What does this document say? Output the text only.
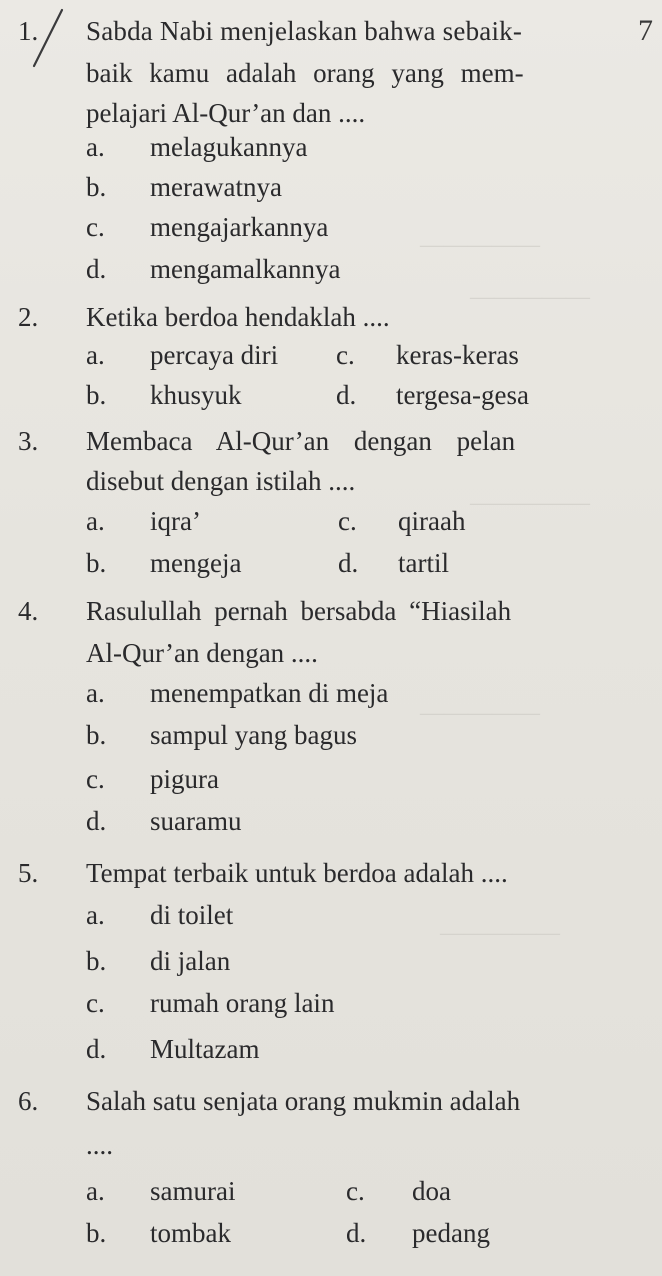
—————
—————
—————
—————
—————
1. Sabda Nabi menjelaskan bahwa sebaik-	7
baik kamu adalah orang yang mem-
pelajari Al-Qur’an dan ....
a. melagukannya
b. merawatnya
c. mengajarkannya
d. mengamalkannya
2. Ketika berdoa hendaklah ....
a. percaya diri c. keras-keras
b. khusyuk	d. tergesa-gesa
3. Membaca Al-Qur’an dengan pelan
disebut dengan istilah ....
a. iqra’	c. qiraah
b. mengeja	d. tartil
4. Rasulullah pernah bersabda “Hiasilah
Al-Qur’an dengan ....
a. menempatkan di meja
b. sampul yang bagus
c. pigura
d. suaramu
5. Tempat terbaik untuk berdoa adalah ....
a. di toilet
b. di jalan
c. rumah orang lain
d. Multazam
6. Salah satu senjata orang mukmin adalah
....
a. samurai	c. doa
b. tombak	d. pedang
